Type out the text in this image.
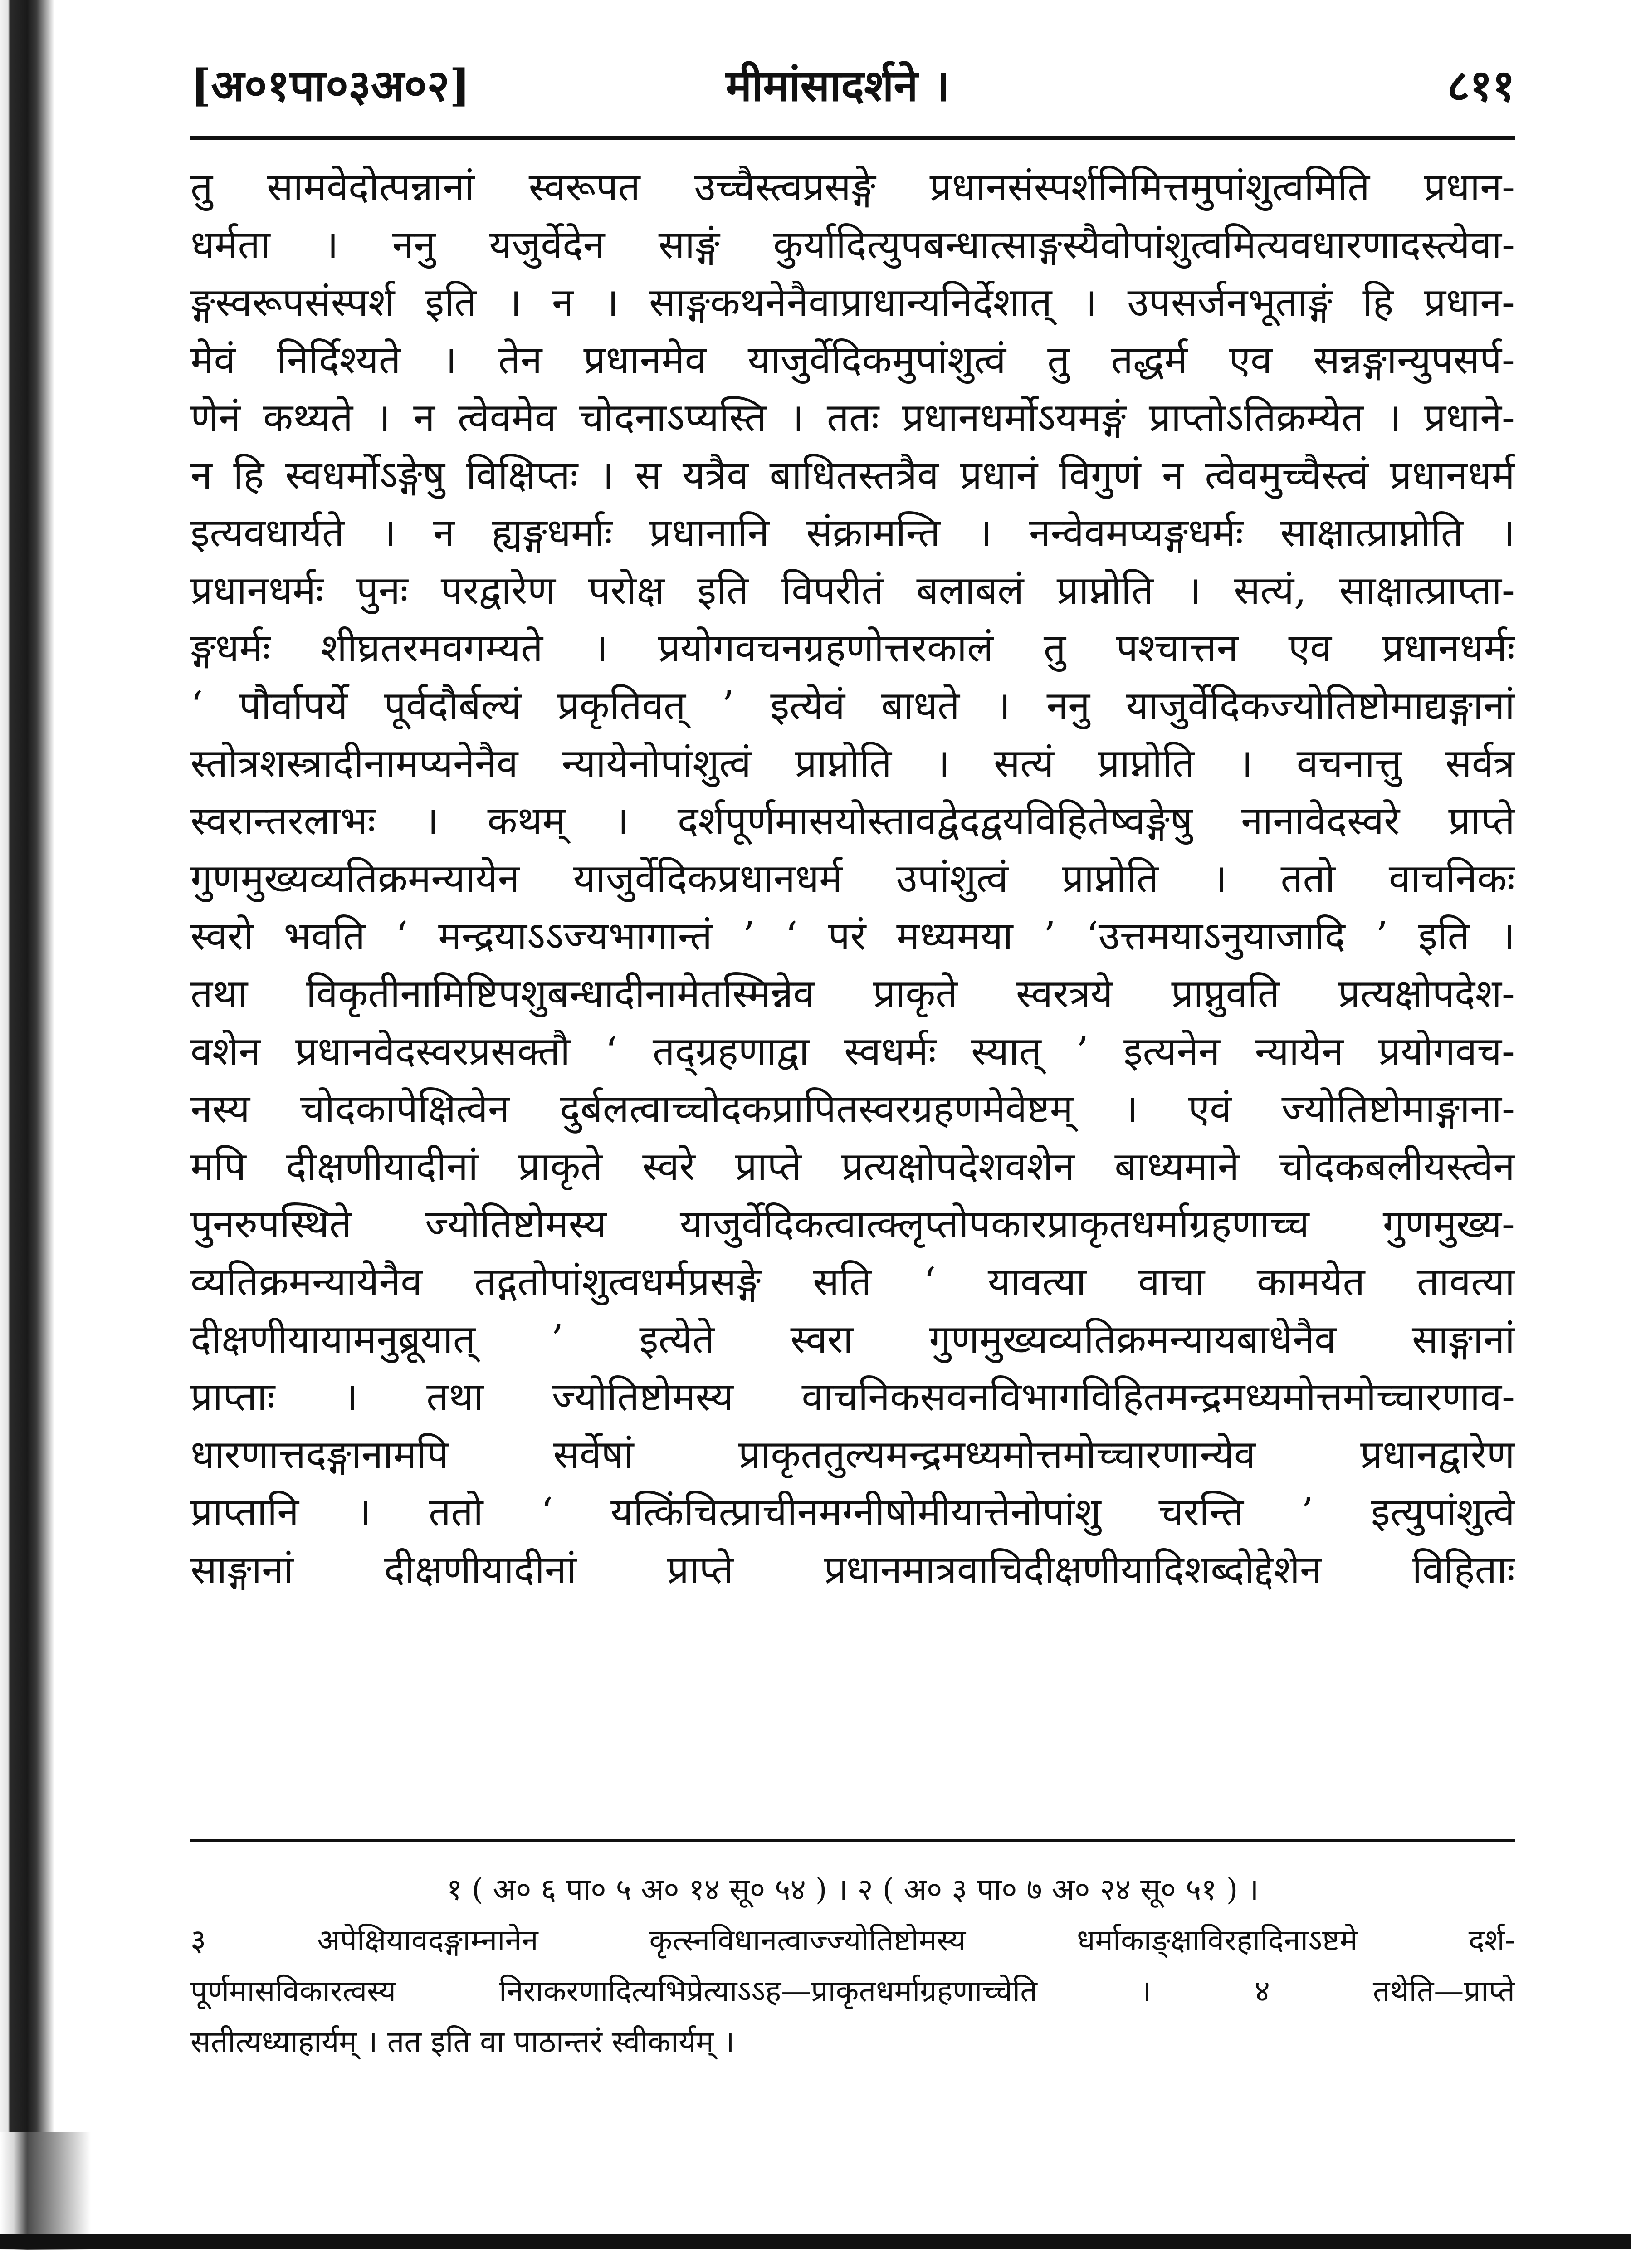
[अ०१पा०३अ०२]	मीमांसादर्शने ।	८११
तु सामवेदोत्पन्नानां स्वरूपत उच्चैस्त्वप्रसङ्गे प्रधानसंस्पर्शनिमित्तमुपांशुत्वमिति प्रधान-
धर्मता । ननु यजुर्वेदेन साङ्गं कुर्यादित्युपबन्धात्साङ्गस्यैवोपांशुत्वमित्यवधारणादस्त्येवा-
ङ्गस्वरूपसंस्पर्श इति । न । साङ्गकथनेनैवाप्राधान्यनिर्देशात् । उपसर्जनभूताङ्गं हि प्रधान-
मेवं निर्दिश्यते । तेन प्रधानमेव याजुर्वेदिकमुपांशुत्वं तु तद्धर्म एव सन्नङ्गान्युपसर्प-
णेनं कथ्यते । न त्वेवमेव चोदनाऽप्यस्ति । ततः प्रधानधर्मोऽयमङ्गं प्राप्तोऽतिक्रम्येत । प्रधाने-
न हि स्वधर्मोऽङ्गेषु विक्षिप्तः । स यत्रैव बाधितस्तत्रैव प्रधानं विगुणं न त्वेवमुच्चैस्त्वं प्रधानधर्म
इत्यवधार्यते । न ह्यङ्गधर्माः प्रधानानि संक्रामन्ति । नन्वेवमप्यङ्गधर्मः साक्षात्प्राप्नोति ।
प्रधानधर्मः पुनः परद्वारेण परोक्ष इति विपरीतं बलाबलं प्राप्नोति । सत्यं, साक्षात्प्राप्ता-
ङ्गधर्मः शीघ्रतरमवगम्यते । प्रयोगवचनग्रहणोत्तरकालं तु पश्चात्तन एव प्रधानधर्मः
‘ पौर्वापर्ये पूर्वदौर्बल्यं प्रकृतिवत् ’ इत्येवं बाधते । ननु याजुर्वेदिकज्योतिष्टोमाद्यङ्गानां
स्तोत्रशस्त्रादीनामप्यनेनैव न्यायेनोपांशुत्वं प्राप्नोति । सत्यं प्राप्नोति । वचनात्तु सर्वत्र
स्वरान्तरलाभः । कथम् । दर्शपूर्णमासयोस्तावद्वेदद्वयविहितेष्वङ्गेषु नानावेदस्वरे प्राप्ते
गुणमुख्यव्यतिक्रमन्यायेन याजुर्वेदिकप्रधानधर्म उपांशुत्वं प्राप्नोति । ततो वाचनिकः
स्वरो भवति ‘ मन्द्रयाऽऽज्यभागान्तं ’ ‘ परं मध्यमया ’ ‘उत्तमयाऽनुयाजादि ’ इति ।
तथा विकृतीनामिष्टिपशुबन्धादीनामेतस्मिन्नेव प्राकृते स्वरत्रये प्राप्नुवति प्रत्यक्षोपदेश-
वशेन प्रधानवेदस्वरप्रसक्तौ ‘ तद्ग्रहणाद्वा स्वधर्मः स्यात् ’ इत्यनेन न्यायेन प्रयोगवच-
नस्य चोदकापेक्षित्वेन दुर्बलत्वाच्चोदकप्रापितस्वरग्रहणमेवेष्टम् । एवं ज्योतिष्टोमाङ्गाना-
मपि दीक्षणीयादीनां प्राकृते स्वरे प्राप्ते प्रत्यक्षोपदेशवशेन बाध्यमाने चोदकबलीयस्त्वेन
पुनरुपस्थिते ज्योतिष्टोमस्य याजुर्वेदिकत्वात्क्लृप्तोपकारप्राकृतधर्माग्रहणाच्च गुणमुख्य-
व्यतिक्रमन्यायेनैव तद्गतोपांशुत्वधर्मप्रसङ्गे सति ‘ यावत्या वाचा कामयेत तावत्या
दीक्षणीयायामनुब्रूयात् ’ इत्येते स्वरा गुणमुख्यव्यतिक्रमन्यायबाधेनैव साङ्गानां
प्राप्ताः । तथा ज्योतिष्टोमस्य वाचनिकसवनविभागविहितमन्द्रमध्यमोत्तमोच्चारणाव-
धारणात्तदङ्गानामपि सर्वेषां प्राकृततुल्यमन्द्रमध्यमोत्तमोच्चारणान्येव प्रधानद्वारेण
प्राप्तानि । ततो ‘ यत्किंचित्प्राचीनमग्नीषोमीयात्तेनोपांशु चरन्ति ’ इत्युपांशुत्वे
साङ्गानां दीक्षणीयादीनां प्राप्ते प्रधानमात्रवाचिदीक्षणीयादिशब्दोद्देशेन विहिताः
१ ( अ० ६ पा० ५ अ० १४ सू० ५४ ) । २ ( अ० ३ पा० ७ अ० २४ सू० ५१ ) ।
३ अपेक्षियावदङ्गाम्नानेन कृत्स्नविधानत्वाज्ज्योतिष्टोमस्य धर्माकाङ्क्षाविरहादिनाऽष्टमे दर्श-
पूर्णमासविकारत्वस्य निराकरणादित्यभिप्रेत्याऽऽह—प्राकृतधर्माग्रहणाच्चेति । ४ तथेति—प्राप्ते
सतीत्यध्याहार्यम् । तत इति वा पाठान्तरं स्वीकार्यम् ।
